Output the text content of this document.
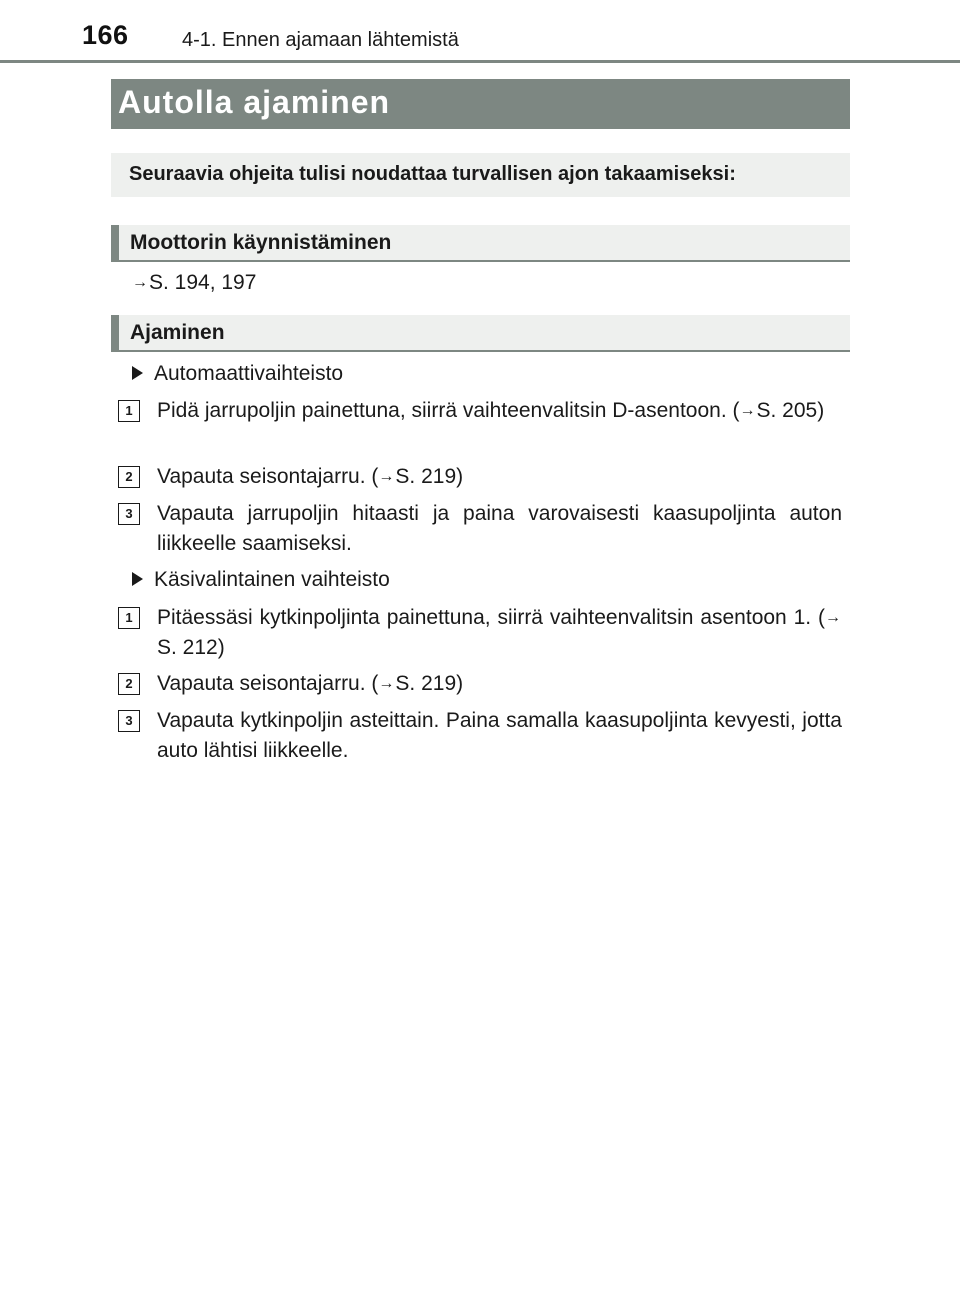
166	4-1. Ennen ajamaan lähtemistä
Autolla ajaminen
Seuraavia ohjeita tulisi noudattaa turvallisen ajon takaamiseksi:
Moottorin käynnistäminen
→S. 194, 197
Ajaminen
Automaattivaihteisto
1	Pidä jarrupoljin painettuna, siirrä vaihteenvalitsin D-asentoon. (→S. 205)
2	Vapauta seisontajarru. (→S. 219)
3	Vapauta jarrupoljin hitaasti ja paina varovaisesti kaasupoljinta auton liikkeelle saamiseksi.
Käsivalintainen vaihteisto
1	Pitäessäsi kytkinpoljinta painettuna, siirrä vaihteenvalitsin asentoon 1. (→S. 212)
2	Vapauta seisontajarru. (→S. 219)
3	Vapauta kytkinpoljin asteittain. Paina samalla kaasupoljinta kevyesti, jotta auto lähtisi liikkeelle.
